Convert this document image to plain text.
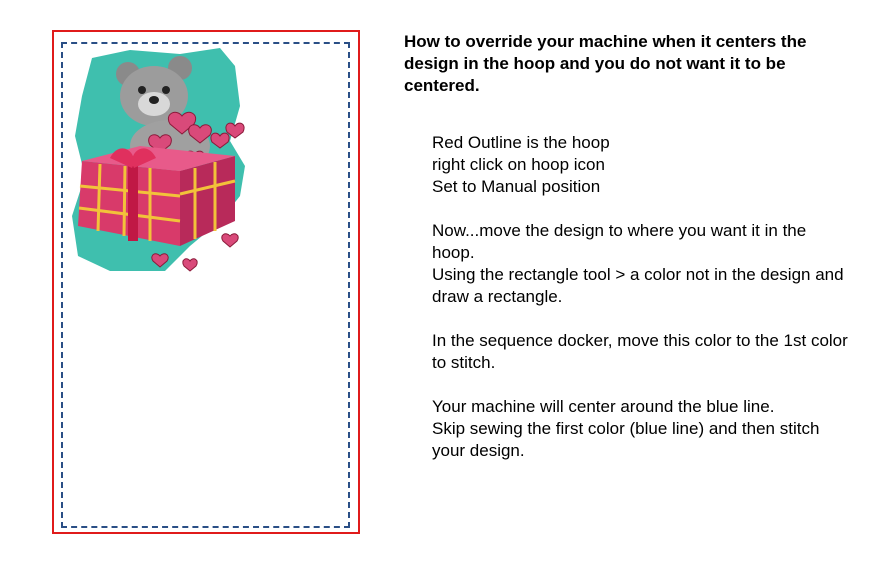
How to override your machine when it centers the design in the hoop and you do not want it to be centered.

Red Outline is the hoop

right click on hoop icon

Set to Manual position

Now...move the design to where you want it in the hoop.

Using the rectangle tool > a color not in the design and draw a rectangle.

In the sequence docker, move this color to the 1st color to stitch.

Your machine will center around the blue line.

Skip sewing the first color (blue line) and then stitch your design.
